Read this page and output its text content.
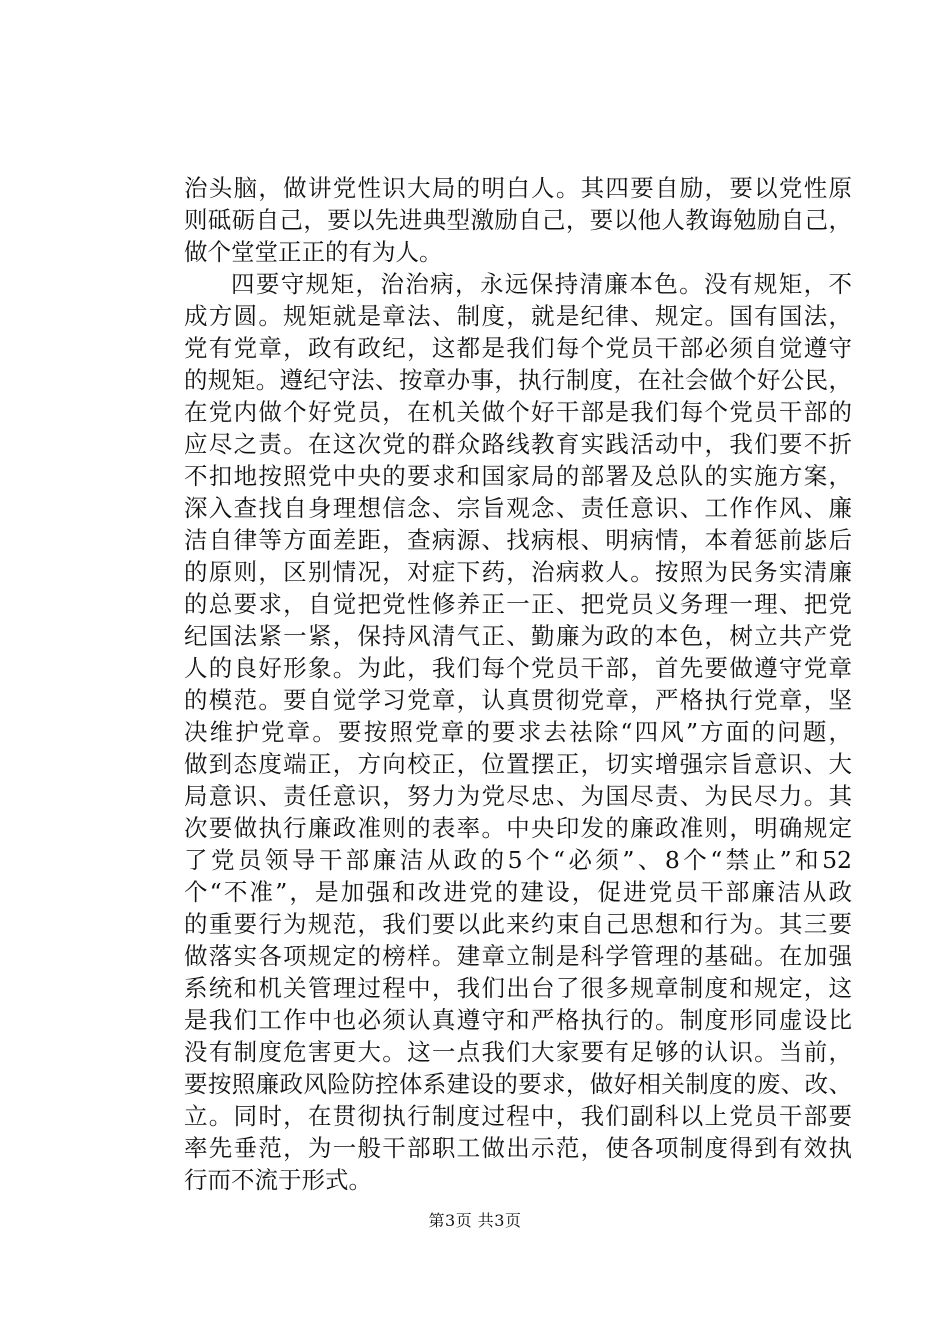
治头脑，做讲党性识大局的明白人。其四要自励，要以党性原
则砥砺自己，要以先进典型激励自己，要以他人教诲勉励自己，
做个堂堂正正的有为人。
四要守规矩，治治病，永远保持清廉本色。没有规矩，不
成方圆。规矩就是章法、制度，就是纪律、规定。国有国法，
党有党章，政有政纪，这都是我们每个党员干部必须自觉遵守
的规矩。遵纪守法、按章办事，执行制度，在社会做个好公民，
在党内做个好党员，在机关做个好干部是我们每个党员干部的
应尽之责。在这次党的群众路线教育实践活动中，我们要不折
不扣地按照党中央的要求和国家局的部署及总队的实施方案，
深入查找自身理想信念、宗旨观念、责任意识、工作作风、廉
洁自律等方面差距，查病源、找病根、明病情，本着惩前毖后
的原则，区别情况，对症下药，治病救人。按照为民务实清廉
的总要求，自觉把党性修养正一正、把党员义务理一理、把党
纪国法紧一紧，保持风清气正、勤廉为政的本色，树立共产党
人的良好形象。为此，我们每个党员干部，首先要做遵守党章
的模范。要自觉学习党章，认真贯彻党章，严格执行党章，坚
决维护党章。要按照党章的要求去祛除“四风”方面的问题，
做到态度端正，方向校正，位置摆正，切实增强宗旨意识、大
局意识、责任意识，努力为党尽忠、为国尽责、为民尽力。其
次要做执行廉政准则的表率。中央印发的廉政准则，明确规定
了党员领导干部廉洁从政的5个“必须”、8个“禁止”和52
个“不准”，是加强和改进党的建设，促进党员干部廉洁从政
的重要行为规范，我们要以此来约束自己思想和行为。其三要
做落实各项规定的榜样。建章立制是科学管理的基础。在加强
系统和机关管理过程中，我们出台了很多规章制度和规定，这
是我们工作中也必须认真遵守和严格执行的。制度形同虚设比
没有制度危害更大。这一点我们大家要有足够的认识。当前，
要按照廉政风险防控体系建设的要求，做好相关制度的废、改、
立。同时，在贯彻执行制度过程中，我们副科以上党员干部要
率先垂范，为一般干部职工做出示范，使各项制度得到有效执
行而不流于形式。
第3页 共3页
